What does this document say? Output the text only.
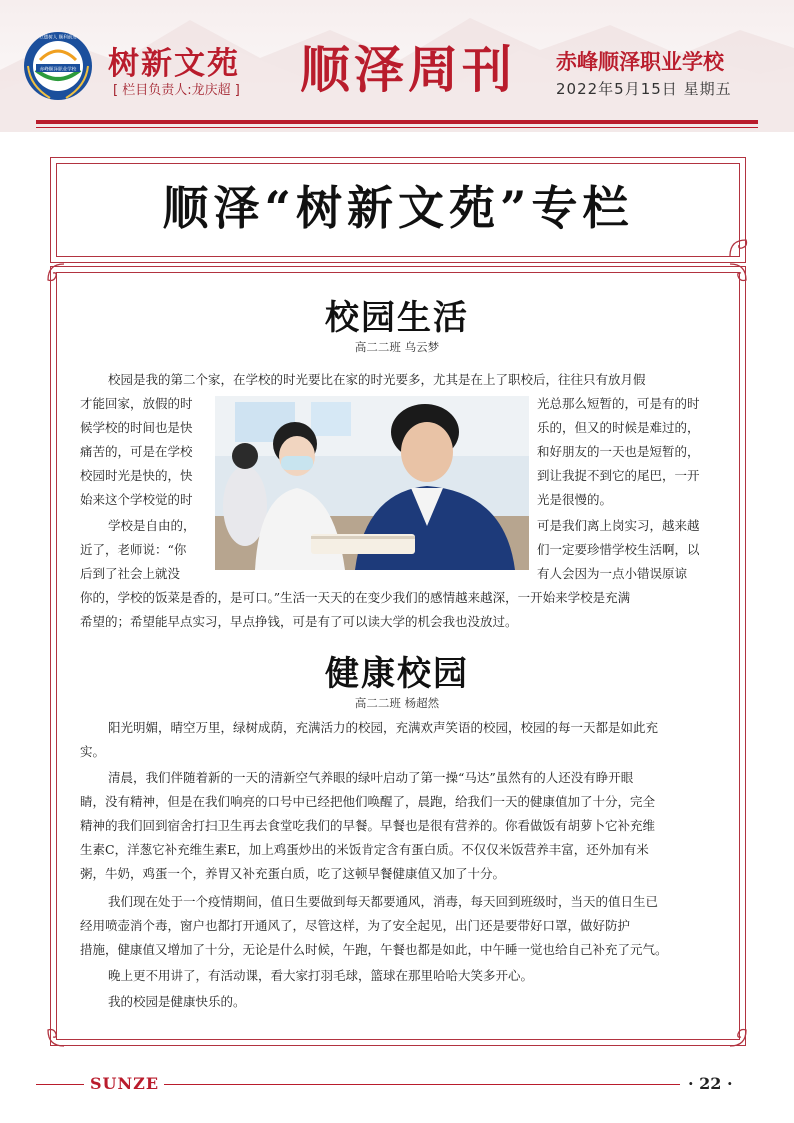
赤峰顺泽职业学校
立德树人 顺利前进
树新文苑
[ 栏目负责人:龙庆超 ] 顺泽周刊 赤峰顺泽职业学校
2022年5月15日 星期五
顺泽“树新文苑”专栏
校园生活
高二二班 乌云梦
校园是我的第二个家，在学校的时光要比在家的时光要多，尤其是在上了职校后，往往只有放月假
才能回家，放假的时	光总那么短暂的，可是有的时
候学校的时间也是快	乐的，但又的时候是难过的，
痛苦的，可是在学校	和好朋友的一天也是短暂的，
校园时光是快的，快	到让我捉不到它的尾巴，一开
始来这个学校觉的时	光是很慢的。
学校是自由的，	可是我们离上岗实习，越来越
近了，老师说：“你	们一定要珍惜学校生活啊，以
后到了社会上就没	有人会因为一点小错误原谅
你的，学校的饭菜是香的，是可口。”生活一天天的在变少我们的感情越来越深，一开始来学校是充满
希望的；希望能早点实习，早点挣钱，可是有了可以读大学的机会我也没放过。
健康校园
高二二班 杨超然
阳光明媚，晴空万里，绿树成荫，充满活力的校园，充满欢声笑语的校园，校园的每一天都是如此充
实。
清晨，我们伴随着新的一天的清新空气养眼的绿叶启动了第一操“马达”虽然有的人还没有睁开眼
睛，没有精神，但是在我们响亮的口号中已经把他们唤醒了，晨跑，给我们一天的健康值加了十分，完全
精神的我们回到宿舍打扫卫生再去食堂吃我们的早餐。早餐也是很有营养的。你看做饭有胡萝卜它补充维
生素C，洋葱它补充维生素E，加上鸡蛋炒出的米饭肯定含有蛋白质。不仅仅米饭营养丰富，还外加有米
粥，牛奶，鸡蛋一个，养胃又补充蛋白质，吃了这顿早餐健康值又加了十分。
我们现在处于一个疫情期间，值日生要做到每天都要通风，消毒，每天回到班级时，当天的值日生已
经用喷壶消个毒，窗户也都打开通风了，尽管这样，为了安全起见，出门还是要带好口罩，做好防护
措施，健康值又增加了十分，无论是什么时候，午跑，午餐也都是如此，中午睡一觉也给自己补充了元气。
晚上更不用讲了，有活动课，看大家打羽毛球，篮球在那里哈哈大笑多开心。
我的校园是健康快乐的。
SUNZE	· 22 ·
